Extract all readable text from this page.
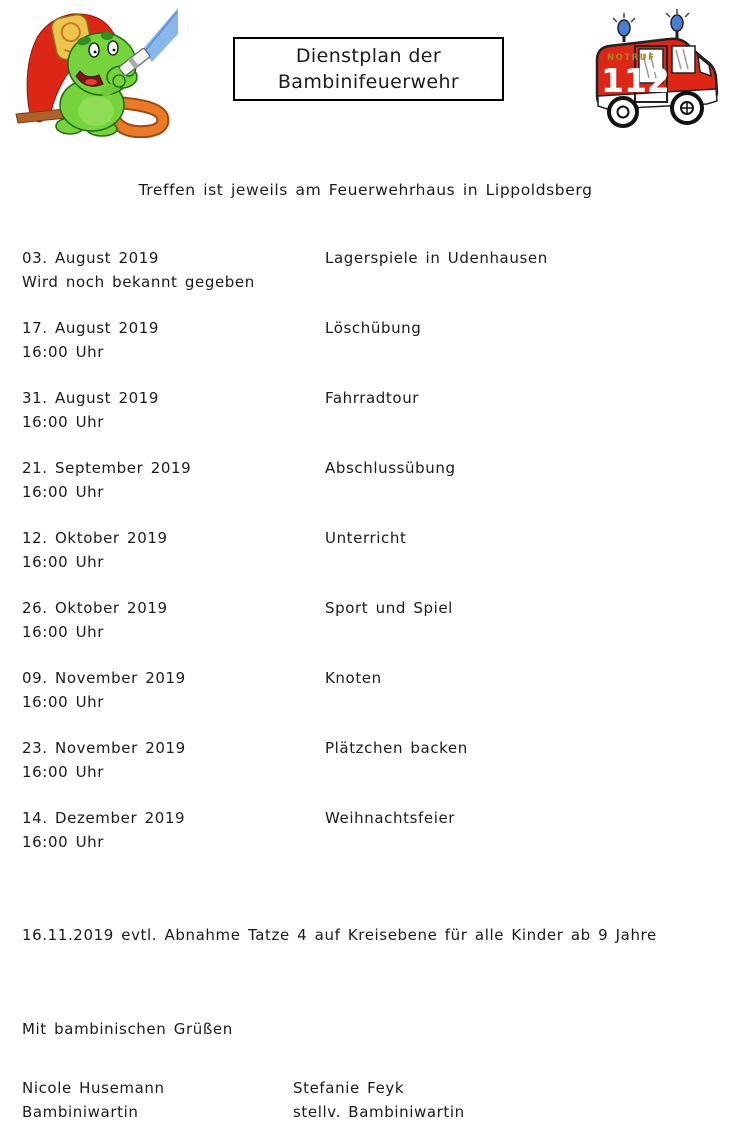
Dienstplan der
Bambinifeuerwehr
NOTRUF
112
Treffen ist jeweils am Feuerwehrhaus in Lippoldsberg
03. August 2019
Wird noch bekannt gegeben
Lagerspiele in Udenhausen
17. August 2019
16:00 Uhr
Löschübung
31. August 2019
16:00 Uhr
Fahrradtour
21. September 2019
16:00 Uhr
Abschlussübung
12. Oktober 2019
16:00 Uhr
Unterricht
26. Oktober 2019
16:00 Uhr
Sport und Spiel
09. November 2019
16:00 Uhr
Knoten
23. November 2019
16:00 Uhr
Plätzchen backen
14. Dezember 2019
16:00 Uhr
Weihnachtsfeier
16.11.2019 evtl. Abnahme Tatze 4 auf Kreisebene für alle Kinder ab 9 Jahre
Mit bambinischen Grüßen
Nicole Husemann
Bambiniwartin
Stefanie Feyk
stellv. Bambiniwartin
